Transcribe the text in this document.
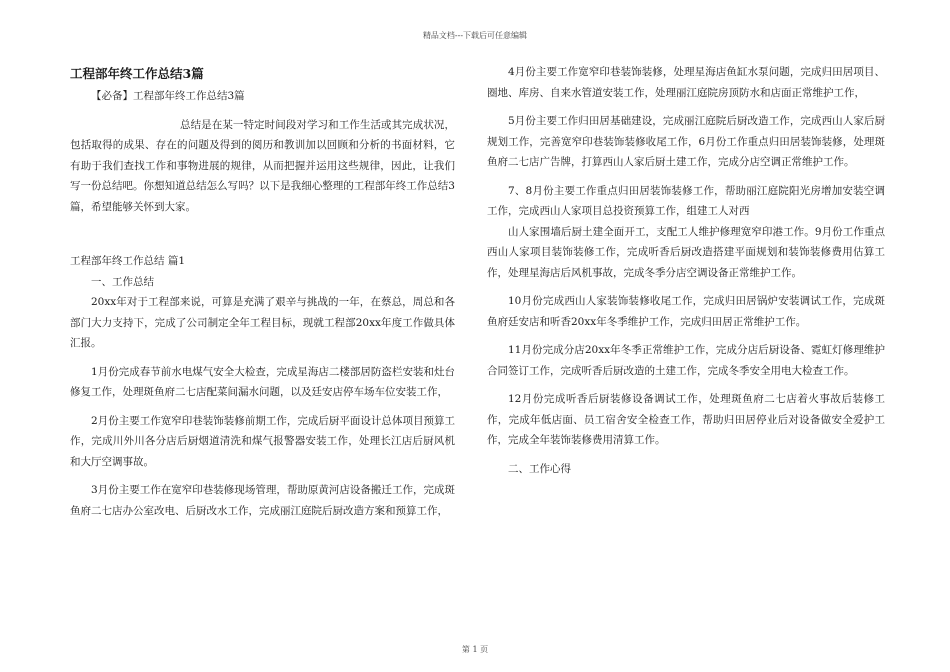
精品文档---下载后可任意编辑

工程部年终工作总结3篇

【必备】工程部年终工作总结3篇

总结是在某一特定时间段对学习和工作生活或其完成状况，包括取得的成果、存在的问题及得到的阅历和教训加以回顾和分析的书面材料，它有助于我们查找工作和事物进展的规律，从而把握并运用这些规律，因此，让我们写一份总结吧。你想知道总结怎么写吗？以下是我细心整理的工程部年终工作总结3篇，希望能够关怀到大家。

工程部年终工作总结 篇1

一、工作总结

20xx年对于工程部来说，可算是充满了艰辛与挑战的一年，在蔡总，周总和各部门大力支持下，完成了公司制定全年工程目标，现就工程部20xx年度工作做具体汇报。

1月份完成春节前水电煤气安全大检查，完成星海店二楼部居防盗栏安装和灶台修复工作，处理斑鱼府二七店配菜间漏水问题，以及廷安店停车场车位安装工作，

2月份主要工作宽窄印巷装饰装修前期工作，完成后厨平面设计总体项目预算工作，完成川外川各分店后厨烟道清洗和煤气报警器安装工作，处理长江店后厨风机和大厅空调事故。

3月份主要工作在宽窄印巷装修现场管理，帮助原黄河店设备搬迁工作，完成斑鱼府二七店办公室改电、后厨改水工作，完成丽江庭院后厨改造方案和预算工作，

4月份主要工作宽窄印巷装饰装修，处理星海店鱼缸水泵问题，完成归田居项目、圈地、库房、自来水管道安装工作，处理丽江庭院房顶防水和店面正常维护工作，

5月份主要工作归田居基础建设，完成丽江庭院后厨改造工作，完成西山人家后厨规划工作，完善宽窄印巷装饰装修收尾工作，6月份工作重点归田居装饰装修，处理斑鱼府二七店广告牌，打算西山人家后厨土建工作，完成分店空调正常维护工作。

7、8月份主要工作重点归田居装饰装修工作，帮助丽江庭院阳光房增加安装空调工作，完成西山人家项目总投资预算工作，组建工人对西

山人家围墙后厨土建全面开工，支配工人维护修理宽窄印港工作。9月份工作重点西山人家项目装饰装修工作，完成听香后厨改造搭建平面规划和装饰装修费用估算工作，处理星海店后风机事故，完成冬季分店空调设备正常维护工作。

10月份完成西山人家装饰装修收尾工作，完成归田居锅炉安装调试工作，完成斑鱼府廷安店和听香20xx年冬季维护工作，完成归田居正常维护工作。

11月份完成分店20xx年冬季正常维护工作，完成分店后厨设备、霓虹灯修理维护合同签订工作，完成听香后厨改造的土建工作，完成冬季安全用电大检查工作。

12月份完成听香后厨装修设备调试工作，处理斑鱼府二七店着火事故后装修工作，完成年低店面、员工宿舍安全检查工作，帮助归田居停业后对设备做安全爱护工作，完成全年装饰装修费用清算工作。

二、工作心得

第 1 页
